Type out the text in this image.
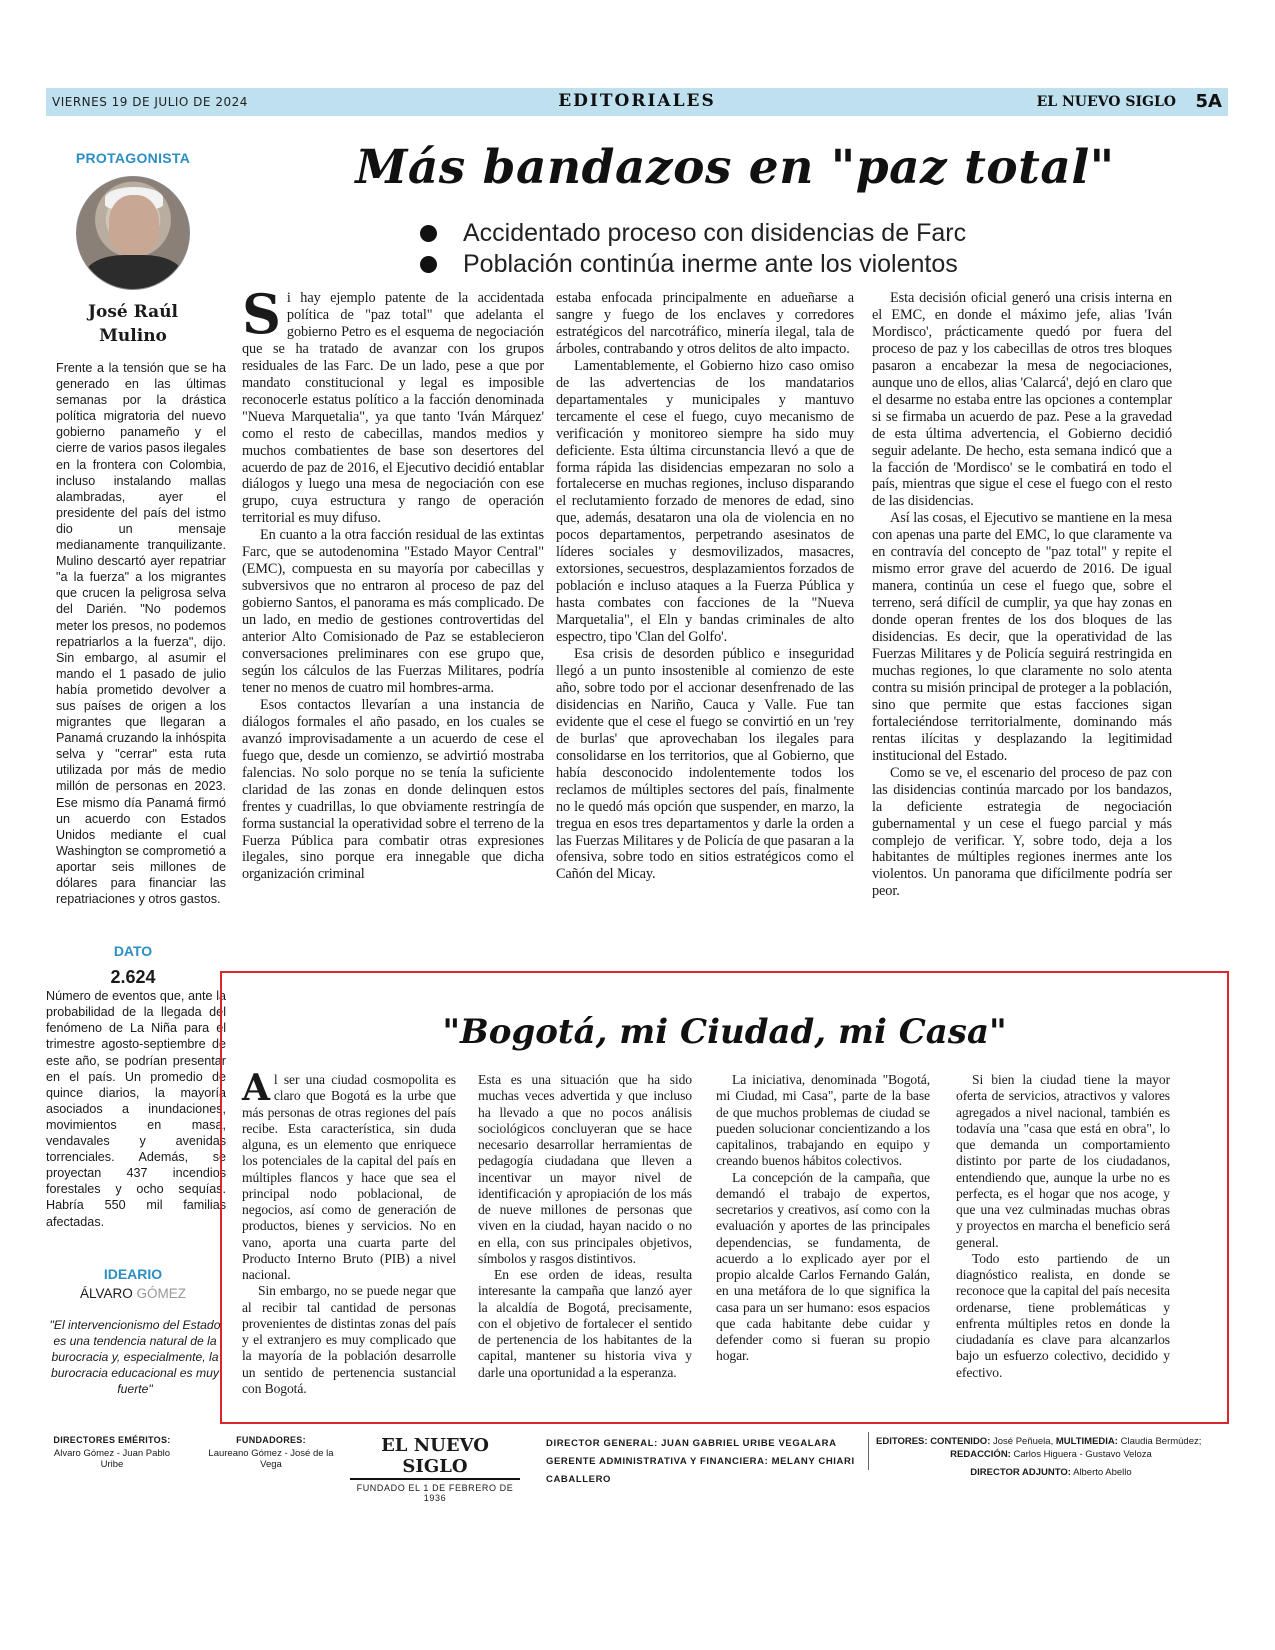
VIERNES 19 DE JULIO DE 2024	EDITORIALES	EL NUEVO SIGLO 5A
PROTAGONISTA
José Raúl
Mulino

Frente a la tensión que se ha generado en las últimas semanas por la drástica política migratoria del nuevo gobierno panameño y el cierre de varios pasos ilegales en la frontera con Colombia, incluso instalando mallas alambradas, ayer el presidente del país del istmo dio un mensaje medianamente tranquilizante. Mulino descartó ayer repatriar "a la fuerza" a los migrantes que crucen la peligrosa selva del Darién. "No podemos meter los presos, no podemos repatriarlos a la fuerza", dijo. Sin embargo, al asumir el mando el 1 pasado de julio había prometido devolver a sus países de origen a los migrantes que llegaran a Panamá cruzando la inhóspita selva y "cerrar" esta ruta utilizada por más de medio millón de personas en 2023. Ese mismo día Panamá firmó un acuerdo con Estados Unidos mediante el cual Washington se comprometió a aportar seis millones de dólares para financiar las repatriaciones y otros gastos.

DATO
2.624

Número de eventos que, ante la probabilidad de la llegada del fenómeno de La Niña para el trimestre agosto-septiembre de este año, se podrían presentar en el país. Un promedio de quince diarios, la mayoría asociados a inundaciones, movimientos en masa, vendavales y avenidas torrenciales. Además, se proyectan 437 incendios forestales y ocho sequías. Habría 550 mil familias afectadas.

IDEARIO
ÁLVARO GÓMEZ

"El intervencionismo del Estado es una tendencia natural de la burocracia y, especialmente, la burocracia educacional es muy fuerte"

Más bandazos en "paz total"
Accidentado proceso con disidencias de Farc
Población continúa inerme ante los violentos

Si hay ejemplo patente de la accidentada política de "paz total" que adelanta el gobierno Petro es el esquema de negociación que se ha tratado de avanzar con los grupos residuales de las Farc. De un lado, pese a que por mandato constitucional y legal es imposible reconocerle estatus político a la facción denominada "Nueva Marquetalia", ya que tanto 'Iván Márquez' como el resto de cabecillas, mandos medios y muchos combatientes de base son desertores del acuerdo de paz de 2016, el Ejecutivo decidió entablar diálogos y luego una mesa de negociación con ese grupo, cuya estructura y rango de operación territorial es muy difuso.

En cuanto a la otra facción residual de las extintas Farc, que se autodenomina "Estado Mayor Central" (EMC), compuesta en su mayoría por cabecillas y subversivos que no entraron al proceso de paz del gobierno Santos, el panorama es más complicado. De un lado, en medio de gestiones controvertidas del anterior Alto Comisionado de Paz se establecieron conversaciones preliminares con ese grupo que, según los cálculos de las Fuerzas Militares, podría tener no menos de cuatro mil hombres-arma.

Esos contactos llevarían a una instancia de diálogos formales el año pasado, en los cuales se avanzó improvisadamente a un acuerdo de cese el fuego que, desde un comienzo, se advirtió mostraba falencias. No solo porque no se tenía la suficiente claridad de las zonas en donde delinquen estos frentes y cuadrillas, lo que obviamente restringía de forma sustancial la operatividad sobre el terreno de la Fuerza Pública para combatir otras expresiones ilegales, sino porque era innegable que dicha organización criminal

estaba enfocada principalmente en adueñarse a sangre y fuego de los enclaves y corredores estratégicos del narcotráfico, minería ilegal, tala de árboles, contrabando y otros delitos de alto impacto.

Lamentablemente, el Gobierno hizo caso omiso de las advertencias de los mandatarios departamentales y municipales y mantuvo tercamente el cese el fuego, cuyo mecanismo de verificación y monitoreo siempre ha sido muy deficiente. Esta última circunstancia llevó a que de forma rápida las disidencias empezaran no solo a fortalecerse en muchas regiones, incluso disparando el reclutamiento forzado de menores de edad, sino que, además, desataron una ola de violencia en no pocos departamentos, perpetrando asesinatos de líderes sociales y desmovilizados, masacres, extorsiones, secuestros, desplazamientos forzados de población e incluso ataques a la Fuerza Pública y hasta combates con facciones de la "Nueva Marquetalia", el Eln y bandas criminales de alto espectro, tipo 'Clan del Golfo'.

Esa crisis de desorden público e inseguridad llegó a un punto insostenible al comienzo de este año, sobre todo por el accionar desenfrenado de las disidencias en Nariño, Cauca y Valle. Fue tan evidente que el cese el fuego se convirtió en un 'rey de burlas' que aprovechaban los ilegales para consolidarse en los territorios, que al Gobierno, que había desconocido indolentemente todos los reclamos de múltiples sectores del país, finalmente no le quedó más opción que suspender, en marzo, la tregua en esos tres departamentos y darle la orden a las Fuerzas Militares y de Policía de que pasaran a la ofensiva, sobre todo en sitios estratégicos como el Cañón del Micay.

Esta decisión oficial generó una crisis interna en el EMC, en donde el máximo jefe, alias 'Iván Mordisco', prácticamente quedó por fuera del proceso de paz y los cabecillas de otros tres bloques pasaron a encabezar la mesa de negociaciones, aunque uno de ellos, alias 'Calarcá', dejó en claro que el desarme no estaba entre las opciones a contemplar si se firmaba un acuerdo de paz. Pese a la gravedad de esta última advertencia, el Gobierno decidió seguir adelante. De hecho, esta semana indicó que a la facción de 'Mordisco' se le combatirá en todo el país, mientras que sigue el cese el fuego con el resto de las disidencias.

Así las cosas, el Ejecutivo se mantiene en la mesa con apenas una parte del EMC, lo que claramente va en contravía del concepto de "paz total" y repite el mismo error grave del acuerdo de 2016. De igual manera, continúa un cese el fuego que, sobre el terreno, será difícil de cumplir, ya que hay zonas en donde operan frentes de los dos bloques de las disidencias. Es decir, que la operatividad de las Fuerzas Militares y de Policía seguirá restringida en muchas regiones, lo que claramente no solo atenta contra su misión principal de proteger a la población, sino que permite que estas facciones sigan fortaleciéndose territorialmente, dominando más rentas ilícitas y desplazando la legitimidad institucional del Estado.

Como se ve, el escenario del proceso de paz con las disidencias continúa marcado por los bandazos, la deficiente estrategia de negociación gubernamental y un cese el fuego parcial y más complejo de verificar. Y, sobre todo, deja a los habitantes de múltiples regiones inermes ante los violentos. Un panorama que difícilmente podría ser peor.

"Bogotá, mi Ciudad, mi Casa"

Al ser una ciudad cosmopolita es claro que Bogotá es la urbe que más personas de otras regiones del país recibe. Esta característica, sin duda alguna, es un elemento que enriquece los potenciales de la capital del país en múltiples flancos y hace que sea el principal nodo poblacional, de negocios, así como de generación de productos, bienes y servicios. No en vano, aporta una cuarta parte del Producto Interno Bruto (PIB) a nivel nacional.

Sin embargo, no se puede negar que al recibir tal cantidad de personas provenientes de distintas zonas del país y el extranjero es muy complicado que la mayoría de la población desarrolle un sentido de pertenencia sustancial con Bogotá.

Esta es una situación que ha sido muchas veces advertida y que incluso ha llevado a que no pocos análisis sociológicos concluyeran que se hace necesario desarrollar herramientas de pedagogía ciudadana que lleven a incentivar un mayor nivel de identificación y apropiación de los más de nueve millones de personas que viven en la ciudad, hayan nacido o no en ella, con sus principales objetivos, símbolos y rasgos distintivos.

En ese orden de ideas, resulta interesante la campaña que lanzó ayer la alcaldía de Bogotá, precisamente, con el objetivo de fortalecer el sentido de pertenencia de los habitantes de la capital, mantener su historia viva y darle una oportunidad a la esperanza.

La iniciativa, denominada "Bogotá, mi Ciudad, mi Casa", parte de la base de que muchos problemas de ciudad se pueden solucionar concientizando a los capitalinos, trabajando en equipo y creando buenos hábitos colectivos.

La concepción de la campaña, que demandó el trabajo de expertos, secretarios y creativos, así como con la evaluación y aportes de las principales dependencias, se fundamenta, de acuerdo a lo explicado ayer por el propio alcalde Carlos Fernando Galán, en una metáfora de lo que significa la casa para un ser humano: esos espacios que cada habitante debe cuidar y defender como si fueran su propio hogar.

Si bien la ciudad tiene la mayor oferta de servicios, atractivos y valores agregados a nivel nacional, también es todavía una "casa que está en obra", lo que demanda un comportamiento distinto por parte de los ciudadanos, entendiendo que, aunque la urbe no es perfecta, es el hogar que nos acoge, y que una vez culminadas muchas obras y proyectos en marcha el beneficio será general.

Todo esto partiendo de un diagnóstico realista, en donde se reconoce que la capital del país necesita ordenarse, tiene problemáticas y enfrenta múltiples retos en donde la ciudadanía es clave para alcanzarlos bajo un esfuerzo colectivo, decidido y efectivo.

DIRECTORES EMÉRITOS:
Alvaro Gómez - Juan Pablo Uribe
FUNDADORES:
Laureano Gómez - José de la Vega
EL NUEVO SIGLO
FUNDADO EL 1 DE FEBRERO DE 1936
DIRECTOR GENERAL: JUAN GABRIEL URIBE VEGALARA
GERENTE ADMINISTRATIVA Y FINANCIERA: MELANY CHIARI CABALLERO
EDITORES: CONTENIDO: José Peñuela, MULTIMEDIA: Claudia Bermúdez;
REDACCIÓN: Carlos Higuera - Gustavo Veloza
DIRECTOR ADJUNTO: Alberto Abello
